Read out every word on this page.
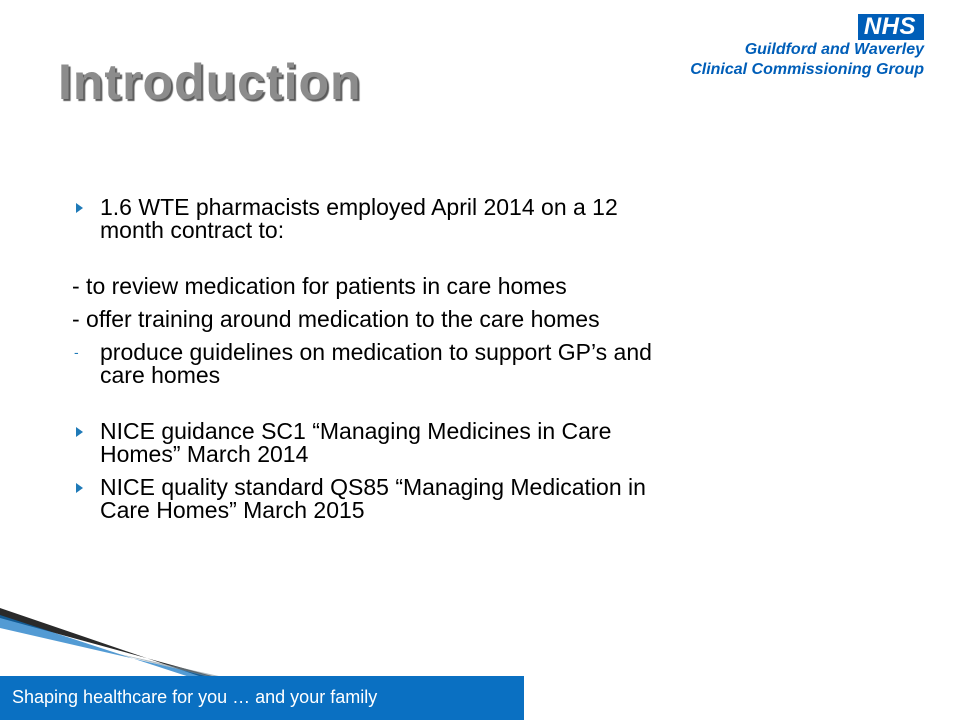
Introduction
NHS
Guildford and Waverley
Clinical Commissioning Group
1.6 WTE pharmacists employed April 2014 on a 12
month contract to:
- to review medication for patients in care homes
- offer training around medication to the care homes
- produce guidelines on medication to support GP’s and
care homes
NICE guidance SC1 “Managing Medicines in Care
Homes” March 2014
NICE quality standard QS85 “Managing Medication in
Care Homes” March 2015
Shaping healthcare for you … and your family
